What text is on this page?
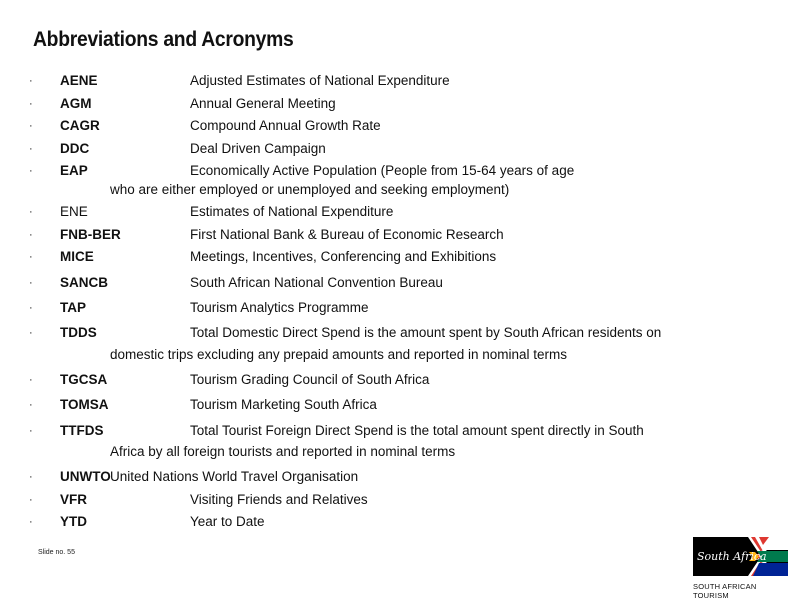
Abbreviations and Acronyms
· AENE	Adjusted Estimates of National Expenditure
· AGM	Annual General Meeting
· CAGR	Compound Annual Growth Rate
· DDC	Deal Driven Campaign
· EAP	Economically Active Population (People from 15-64 years of age
who are either employed or unemployed and seeking employment)
· ENE	Estimates of National Expenditure
· FNB-BER	First National Bank & Bureau of Economic Research
· MICE	Meetings, Incentives, Conferencing and Exhibitions
· SANCB	South African National Convention Bureau
· TAP	Tourism Analytics Programme
· TDDS	Total Domestic Direct Spend is the amount spent by South African residents on
domestic trips excluding any prepaid amounts and reported in nominal terms
· TGCSA	Tourism Grading Council of South Africa
· TOMSA	Tourism Marketing South Africa
· TTFDS	Total Tourist Foreign Direct Spend is the total amount spent directly in South
Africa by all foreign tourists and reported in nominal terms
· UNWTO United Nations World Travel Organisation
· VFR	Visiting Friends and Relatives
· YTD	Year to Date
Slide no. 55	South Africa
SOUTH AFRICAN TOURISM
